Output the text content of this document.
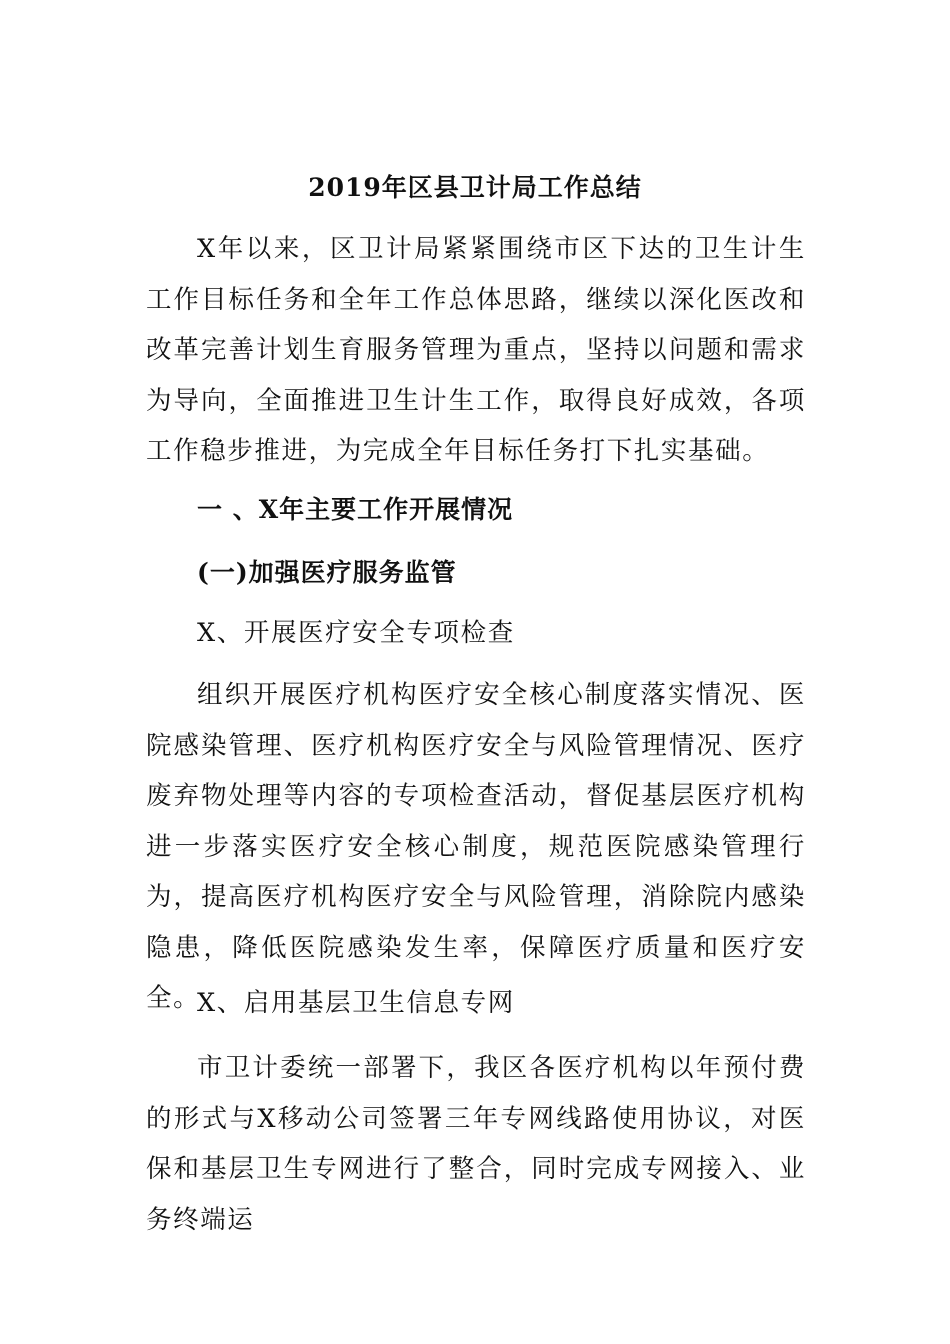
2019年区县卫计局工作总结

X年以来，区卫计局紧紧围绕市区下达的卫生计生工作目标任务和全年工作总体思路，继续以深化医改和改革完善计划生育服务管理为重点，坚持以问题和需求为导向，全面推进卫生计生工作，取得良好成效，各项工作稳步推进，为完成全年目标任务打下扎实基础。

一 、X年主要工作开展情况
(一)加强医疗服务监管
X、开展医疗安全专项检查

组织开展医疗机构医疗安全核心制度落实情况、医院感染管理、医疗机构医疗安全与风险管理情况、医疗废弃物处理等内容的专项检查活动，督促基层医疗机构进一步落实医疗安全核心制度，规范医院感染管理行为，提高医疗机构医疗安全与风险管理，消除院内感染隐患，降低医院感染发生率，保障医疗质量和医疗安全。

X、启用基层卫生信息专网

市卫计委统一部署下，我区各医疗机构以年预付费的形式与X移动公司签署三年专网线路使用协议，对医保和基层卫生专网进行了整合，同时完成专网接入、业务终端运
